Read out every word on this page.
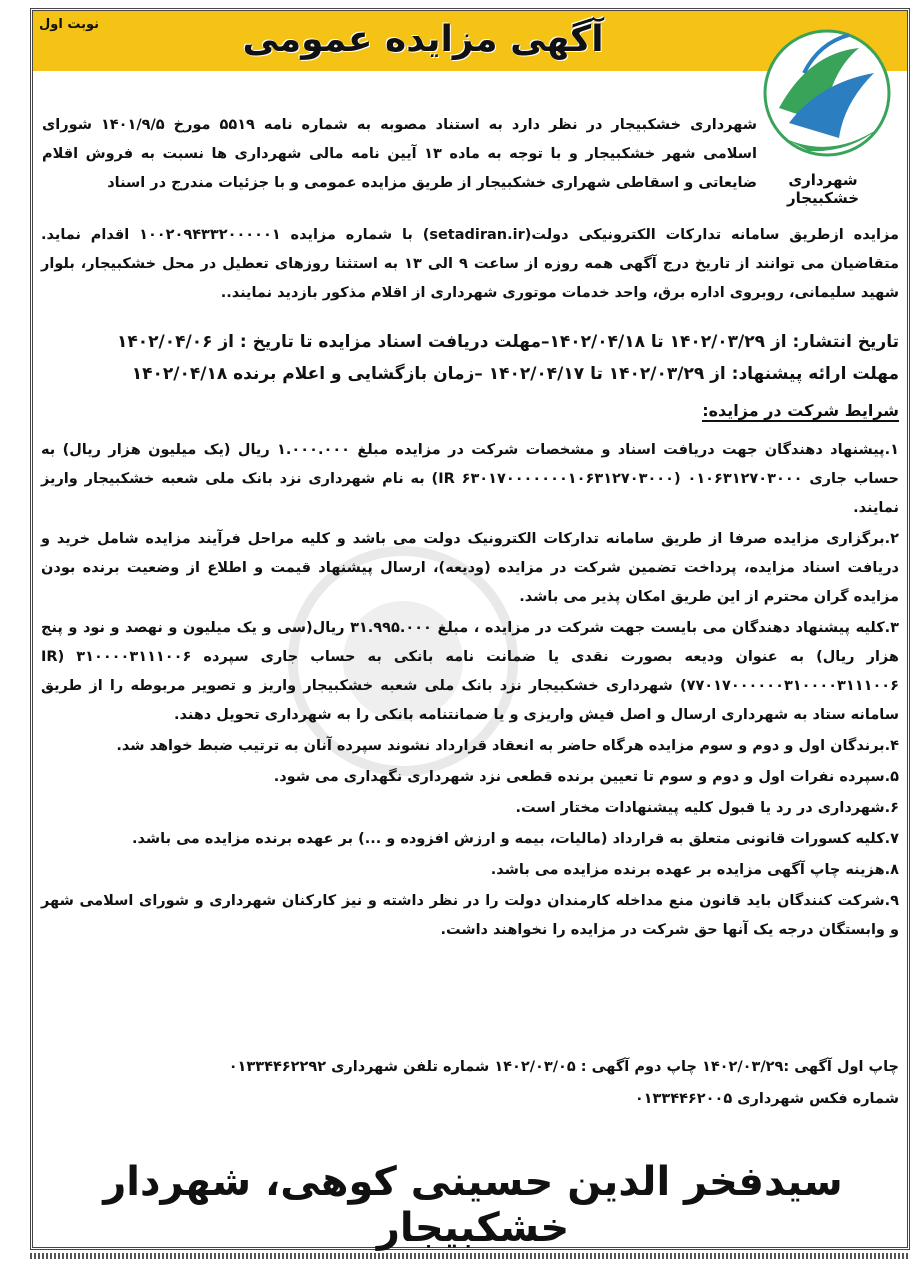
نوبت اول	آگهی مزایده عمومی
شهرداری خشکبیجار
شهرداری خشکبیجار در نظر دارد به استناد مصوبه به شماره نامه ۵۵۱۹ مورخ ۱۴۰۱/۹/۵ شورای اسلامی شهر خشکبیجار و با توجه به ماده ۱۳ آیین نامه مالی شهرداری ها نسبت به فروش اقلام ضایعاتی و اسقاطی شهراری خشکبیجار از طریق مزایده عمومی و با جزئیات مندرج در اسناد
مزایده ازطریق سامانه تدارکات الکترونیکی دولت(setadiran.ir) با شماره مزایده ۱۰۰۲۰۹۴۳۳۲۰۰۰۰۰۱ اقدام نماید. متقاضیان می توانند از تاریخ درج آگهی همه روزه از ساعت ۹ الی ۱۳ به استثنا روزهای تعطیل در محل خشکبیجار، بلوار شهید سلیمانی، روبروی اداره برق، واحد خدمات موتوری شهرداری از اقلام مذکور بازدید نمایند..
تاریخ انتشار: از ۱۴۰۲/۰۳/۲۹ تا ۱۴۰۲/۰۴/۱۸–مهلت دریافت اسناد مزایده تا تاریخ : از ۱۴۰۲/۰۴/۰۶
مهلت ارائه پیشنهاد: از ۱۴۰۲/۰۳/۲۹ تا ۱۴۰۲/۰۴/۱۷ –زمان بازگشایی و اعلام برنده ۱۴۰۲/۰۴/۱۸
شرایط شرکت در مزایده:

۱.پیشنهاد دهندگان جهت دریافت اسناد و مشخصات شرکت در مزایده مبلغ ۱.۰۰۰.۰۰۰ ریال (یک میلیون هزار ریال) به حساب جاری ۰۱۰۶۳۱۲۷۰۳۰۰۰ (IR ۶۳۰۱۷۰۰۰۰۰۰۰۱۰۶۳۱۲۷۰۳۰۰۰) به نام شهرداری نزد بانک ملی شعبه خشکبیجار واریز نمایند.

۲.برگزاری مزایده صرفا از طریق سامانه تدارکات الکترونیک دولت می باشد و کلیه مراحل فرآیند مزایده شامل خرید و دریافت اسناد مزایده، پرداخت تضمین شرکت در مزایده (ودیعه)، ارسال پیشنهاد قیمت و اطلاع از وضعیت برنده بودن مزایده گران محترم از این طریق امکان پذیر می باشد.

۳.کلیه پیشنهاد دهندگان می بایست جهت شرکت در مزایده ، مبلغ ۳۱.۹۹۵.۰۰۰ ریال(سی و یک میلیون و نهصد و نود و پنج هزار ریال) به عنوان ودیعه بصورت نقدی یا ضمانت نامه بانکی به حساب جاری سپرده ۳۱۰۰۰۰۳۱۱۱۰۰۶ (IR ۷۷۰۱۷۰۰۰۰۰۰۳۱۰۰۰۰۳۱۱۱۰۰۶) شهرداری خشکبیجار نزد بانک ملی شعبه خشکبیجار واریز و تصویر مربوطه را از طریق سامانه ستاد به شهرداری ارسال و اصل فیش واریزی و یا ضمانتنامه بانکی را به شهرداری تحویل دهند.

۴.برندگان اول و دوم و سوم مزایده هرگاه حاضر به انعقاد قرارداد نشوند سپرده آنان به ترتیب ضبط خواهد شد.

۵.سپرده نفرات اول و دوم و سوم تا تعیین برنده قطعی نزد شهرداری نگهداری می شود.

۶.شهرداری در رد یا قبول کلیه پیشنهادات مختار است.

۷.کلیه کسورات قانونی متعلق به قرارداد (مالیات، بیمه و ارزش افزوده و ...) بر عهده برنده مزایده می باشد.

۸.هزینه چاپ آگهی مزایده بر عهده برنده مزایده می باشد.

۹.شرکت کنندگان باید قانون منع مداخله کارمندان دولت را در نظر داشته و نیز کارکنان شهرداری و شورای اسلامی شهر و وابستگان درجه یک آنها حق شرکت در مزایده را نخواهند داشت.

چاپ اول آگهی :۱۴۰۲/۰۳/۲۹ چاپ دوم آگهی : ۱۴۰۲/۰۳/۰۵ شماره تلفن شهرداری ۰۱۳۳۴۴۶۲۲۹۲
شماره فکس شهرداری ۰۱۳۳۴۴۶۲۰۰۵
سیدفخر الدین حسینی کوهی، شهردار خشکبیجار
